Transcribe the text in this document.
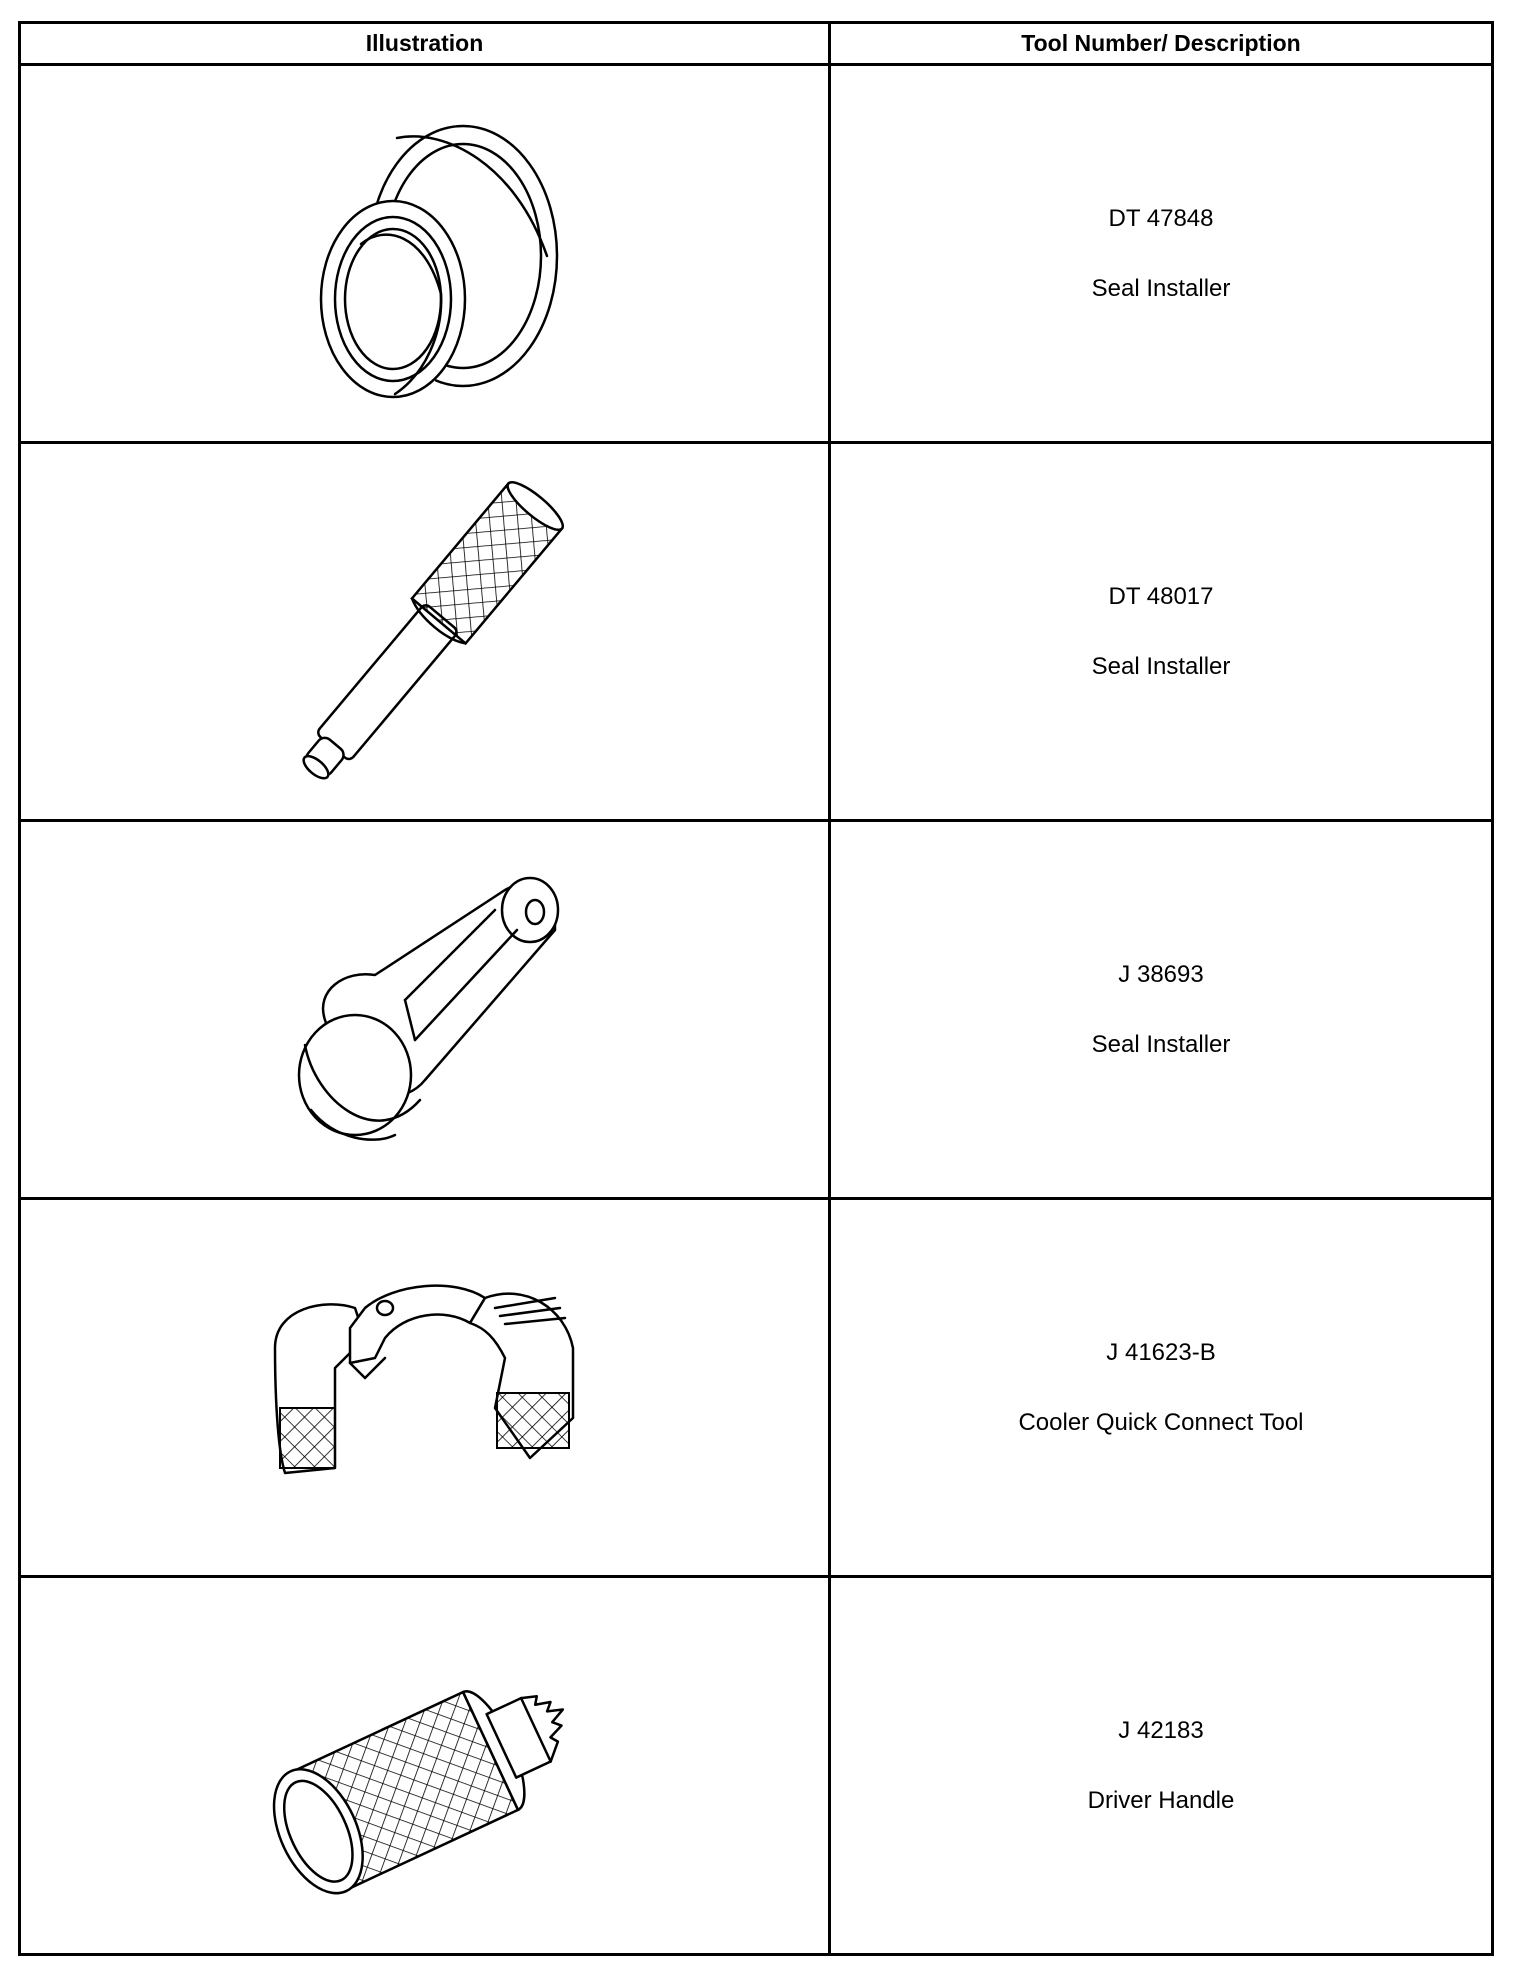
Illustration	Tool Number/ Description

DT 47848
Seal Installer

DT 48017
Seal Installer

J 38693
Seal Installer

J 41623-B
Cooler Quick Connect Tool

J 42183
Driver Handle
